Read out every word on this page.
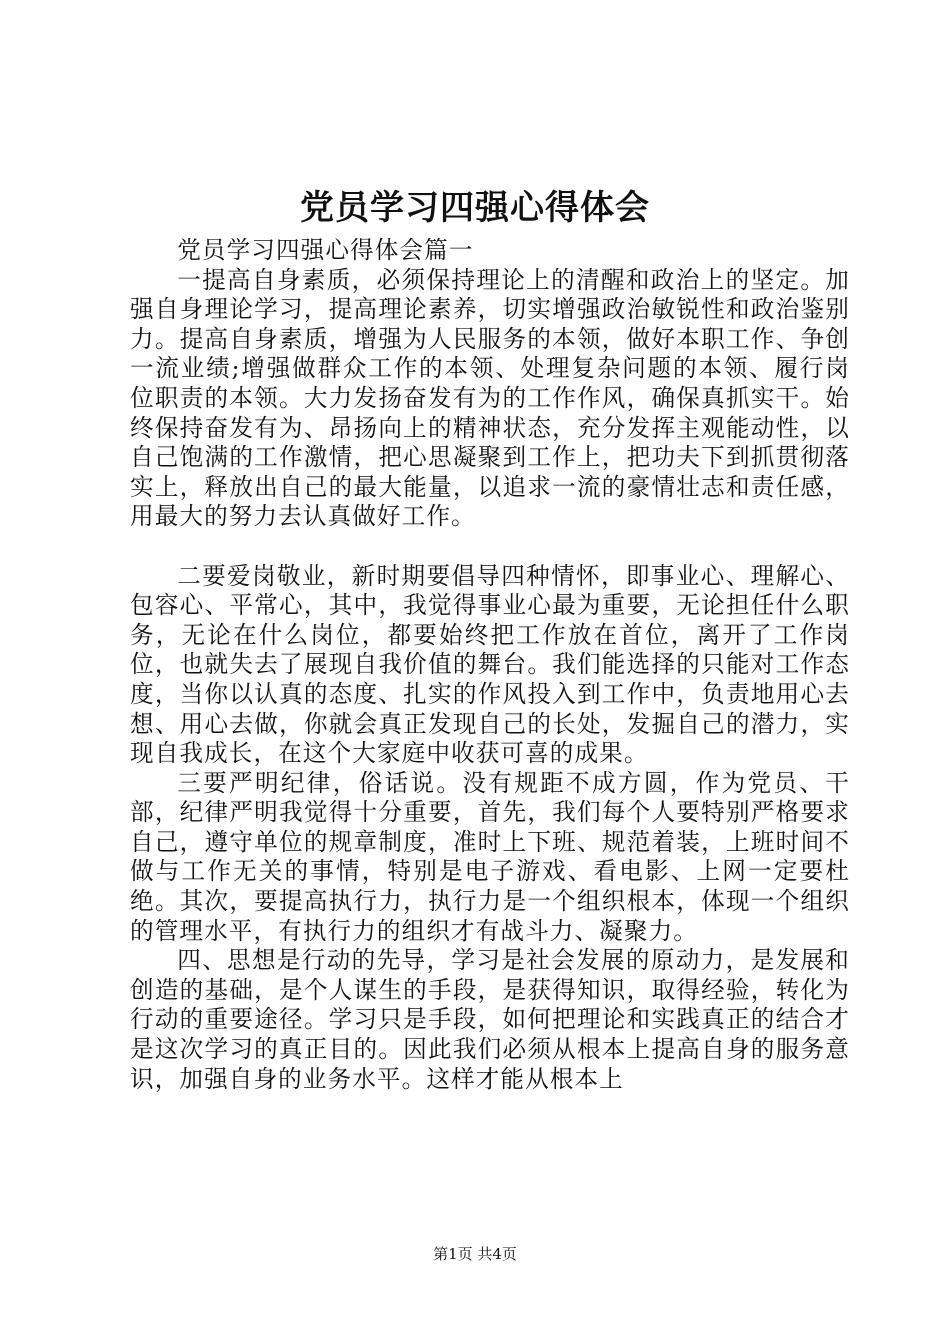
党员学习四强心得体会

党员学习四强心得体会篇一

一提高自身素质，必须保持理论上的清醒和政治上的坚定。加强自身理论学习，提高理论素养，切实增强政治敏锐性和政治鉴别力。提高自身素质，增强为人民服务的本领，做好本职工作、争创一流业绩;增强做群众工作的本领、处理复杂问题的本领、履行岗位职责的本领。大力发扬奋发有为的工作作风，确保真抓实干。始终保持奋发有为、昂扬向上的精神状态，充分发挥主观能动性，以自己饱满的工作激情，把心思凝聚到工作上，把功夫下到抓贯彻落实上，释放出自己的最大能量，以追求一流的豪情壮志和责任感，用最大的努力去认真做好工作。

二要爱岗敬业，新时期要倡导四种情怀，即事业心、理解心、包容心、平常心，其中，我觉得事业心最为重要，无论担任什么职务，无论在什么岗位，都要始终把工作放在首位，离开了工作岗位，也就失去了展现自我价值的舞台。我们能选择的只能对工作态度，当你以认真的态度、扎实的作风投入到工作中，负责地用心去想、用心去做，你就会真正发现自己的长处，发掘自己的潜力，实现自我成长，在这个大家庭中收获可喜的成果。

三要严明纪律，俗话说。没有规距不成方圆，作为党员、干部，纪律严明我觉得十分重要，首先，我们每个人要特别严格要求自己，遵守单位的规章制度，准时上下班、规范着装，上班时间不做与工作无关的事情，特别是电子游戏、看电影、上网一定要杜绝。其次，要提高执行力，执行力是一个组织根本，体现一个组织的管理水平，有执行力的组织才有战斗力、凝聚力。

四、思想是行动的先导，学习是社会发展的原动力，是发展和创造的基础，是个人谋生的手段，是获得知识，取得经验，转化为行动的重要途径。学习只是手段，如何把理论和实践真正的结合才是这次学习的真正目的。因此我们必须从根本上提高自身的服务意识，加强自身的业务水平。这样才能从根本上

第1页 共4页
